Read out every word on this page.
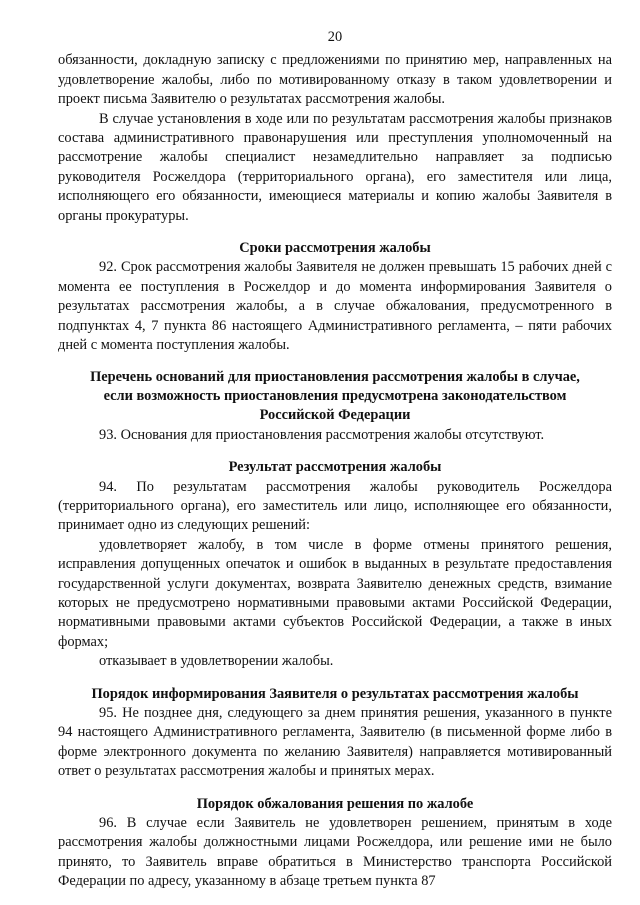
20

обязанности, докладную записку с предложениями по принятию мер, направленных на удовлетворение жалобы, либо по мотивированному отказу в таком удовлетворении и проект письма Заявителю о результатах рассмотрения жалобы.

В случае установления в ходе или по результатам рассмотрения жалобы признаков состава административного правонарушения или преступления уполномоченный на рассмотрение жалобы специалист незамедлительно направляет за подписью руководителя Росжелдора (территориального органа), его заместителя или лица, исполняющего его обязанности, имеющиеся материалы и копию жалобы Заявителя в органы прокуратуры.

Сроки рассмотрения жалобы

92. Срок рассмотрения жалобы Заявителя не должен превышать 15 рабочих дней с момента ее поступления в Росжелдор и до момента информирования Заявителя о результатах рассмотрения жалобы, а в случае обжалования, предусмотренного в подпунктах 4, 7 пункта 86 настоящего Административного регламента, – пяти рабочих дней с момента поступления жалобы.

Перечень оснований для приостановления рассмотрения жалобы в случае,

если возможность приостановления предусмотрена законодательством

Российской Федерации

93. Основания для приостановления рассмотрения жалобы отсутствуют.

Результат рассмотрения жалобы

94. По результатам рассмотрения жалобы руководитель Росжелдора (территориального органа), его заместитель или лицо, исполняющее его обязанности, принимает одно из следующих решений:

удовлетворяет жалобу, в том числе в форме отмены принятого решения, исправления допущенных опечаток и ошибок в выданных в результате предоставления государственной услуги документах, возврата Заявителю денежных средств, взимание которых не предусмотрено нормативными правовыми актами Российской Федерации, нормативными правовыми актами субъектов Российской Федерации, а также в иных формах;

отказывает в удовлетворении жалобы.

Порядок информирования Заявителя о результатах рассмотрения жалобы

95. Не позднее дня, следующего за днем принятия решения, указанного в пункте 94 настоящего Административного регламента, Заявителю (в письменной форме либо в форме электронного документа по желанию Заявителя) направляется мотивированный ответ о результатах рассмотрения жалобы и принятых мерах.

Порядок обжалования решения по жалобе

96. В случае если Заявитель не удовлетворен решением, принятым в ходе рассмотрения жалобы должностными лицами Росжелдора, или решение ими не было принято, то Заявитель вправе обратиться в Министерство транспорта Российской Федерации по адресу, указанному в абзаце третьем пункта 87
